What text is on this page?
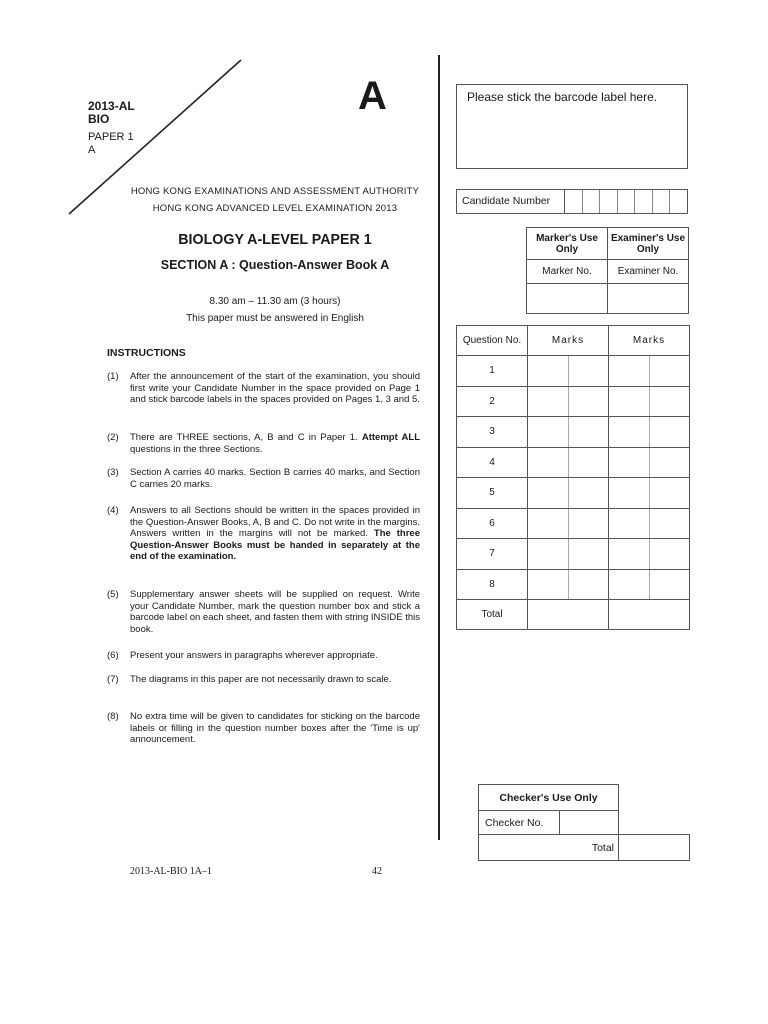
2013-AL
BIO
PAPER 1
A
A
HONG KONG EXAMINATIONS AND ASSESSMENT AUTHORITY
HONG KONG ADVANCED LEVEL EXAMINATION 2013
BIOLOGY A-LEVEL PAPER 1
SECTION A : Question-Answer Book A
8.30 am – 11.30 am (3 hours)
This paper must be answered in English
INSTRUCTIONS
(1)	After the announcement of the start of the examination, you should first write your Candidate Number in the space provided on Page 1 and stick barcode labels in the spaces provided on Pages 1, 3 and 5.
(2)	There are THREE sections, A, B and C in Paper 1. Attempt ALL questions in the three Sections.
(3)	Section A carries 40 marks. Section B carries 40 marks, and Section C carries 20 marks.
(4)	Answers to all Sections should be written in the spaces provided in the Question-Answer Books, A, B and C. Do not write in the margins. Answers written in the margins will not be marked. The three Question-Answer Books must be handed in separately at the end of the examination.
(5)	Supplementary answer sheets will be supplied on request. Write your Candidate Number, mark the question number box and stick a barcode label on each sheet, and fasten them with string INSIDE this book.
(6)	Present your answers in paragraphs wherever appropriate.
(7)	The diagrams in this paper are not necessarily drawn to scale.
(8)	No extra time will be given to candidates for sticking on the barcode labels or filling in the question number boxes after the 'Time is up' announcement.
Please stick the barcode label here.
Candidate Number
Marker's Use Only	Examiner's Use Only
Marker No.	Examiner No.

Question No.	Marks	Marks
1		
2		
3		
4		
5		
6		
7		
8		
Total		
Checker's Use Only		
Checker No.		
Total		
2013-AL-BIO 1A–1	42
